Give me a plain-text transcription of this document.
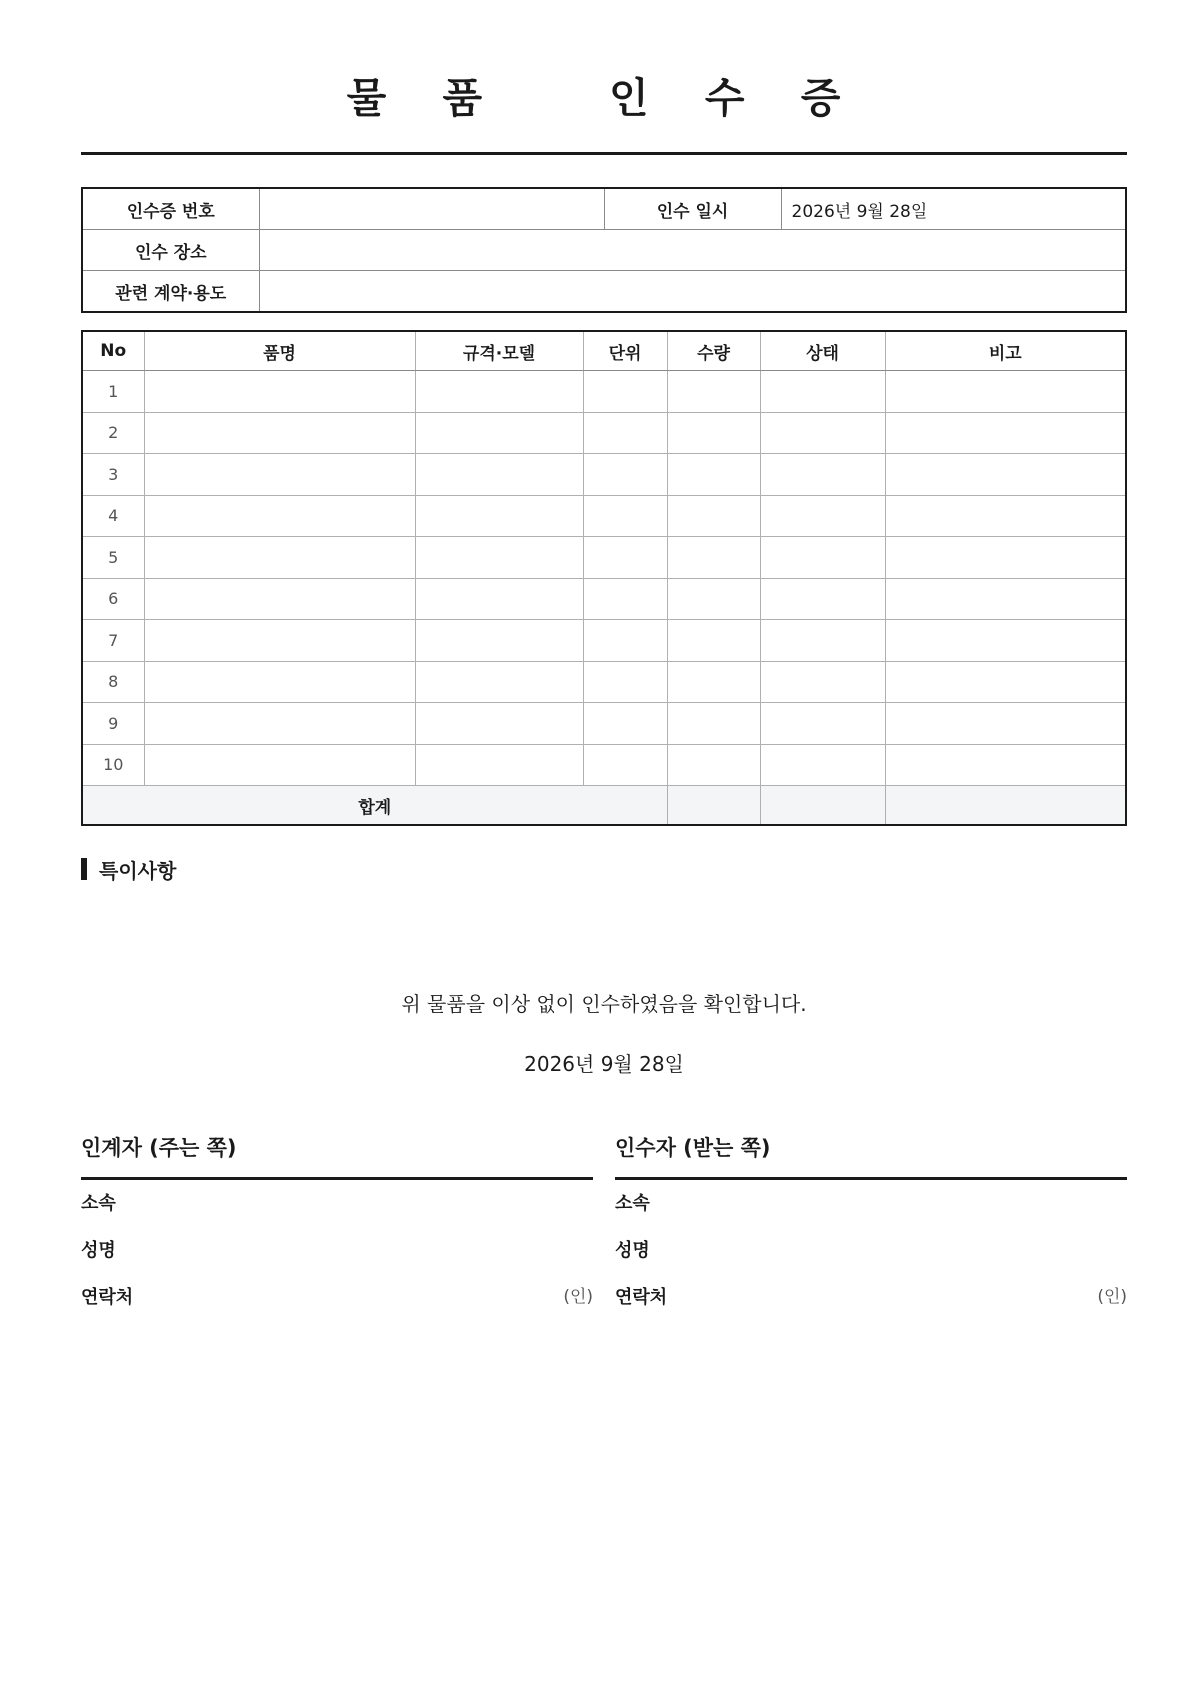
물 품   인 수 증
인수증 번호		인수 일시	2026년 9월 28일
인수 장소			
관련 계약·용도			
No	품명	규격·모델	단위	수량	상태	비고
1						
2						
3						
4						
5						
6						
7						
8						
9						
10						
합계						
특이사항
위 물품을 이상 없이 인수하였음을 확인합니다.
2026년 9월 28일
인계자 (주는 쪽)
소속
성명
연락처	(인)
인수자 (받는 쪽)
소속
성명
연락처	(인)
